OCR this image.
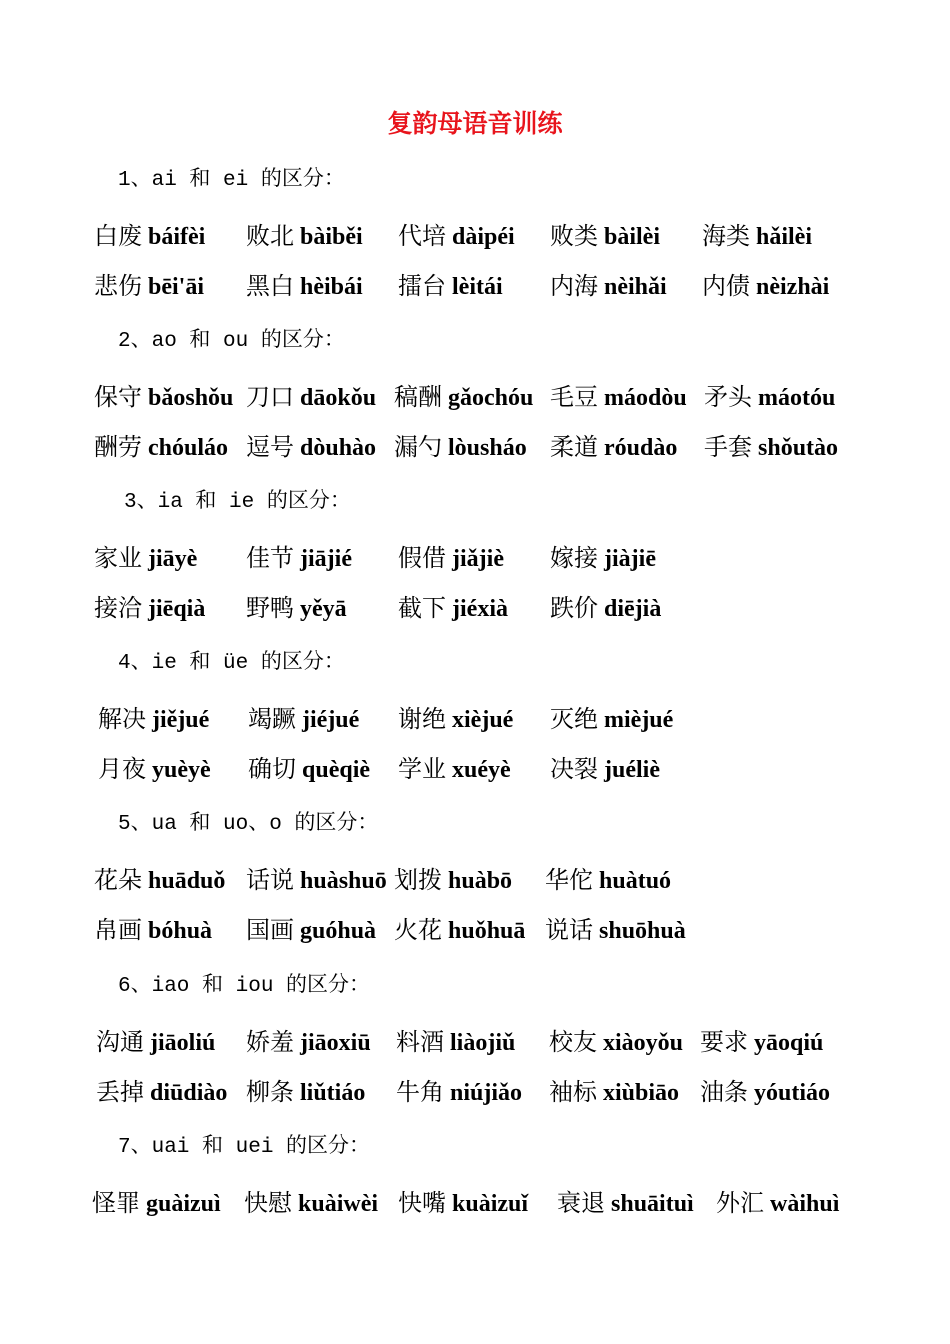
复韵母语音训练
1、ai 和 ei 的区分：
白废 báifèi 败北 bàiběi 代培 dàipéi 败类 bàilèi 海类 hǎilèi
悲伤 bēi'āi 黑白 hèibái 擂台 lèitái 内海 nèihǎi 内债 nèizhài
2、ao 和 ou 的区分：
保守 bǎoshǒu 刀口 dāokǒu 稿酬 gǎochóu 毛豆 máodòu 矛头 máotóu
酬劳 chóuláo 逗号 dòuhào 漏勺 lòusháo 柔道 róudào 手套 shǒutào
3、ia 和 ie 的区分：
家业 jiāyè 佳节 jiājié 假借 jiǎjiè 嫁接 jiàjiē
接洽 jiēqià 野鸭 yěyā 截下 jiéxià 跌价 diējià
4、ie 和 üe 的区分：
解决 jiějué 竭蹶 jiéjué 谢绝 xièjué 灭绝 mièjué
月夜 yuèyè 确切 quèqiè 学业 xuéyè 决裂 juéliè
5、ua 和 uo、o 的区分：
花朵 huāduǒ 话说 huàshuō 划拨 huàbō 华佗 huàtuó
帛画 bóhuà 国画 guóhuà 火花 huǒhuā 说话 shuōhuà
6、iao 和 iou 的区分：
沟通 jiāoliú 娇羞 jiāoxiū 料酒 liàojiǔ 校友 xiàoyǒu 要求 yāoqiú
丢掉 diūdiào 柳条 liǔtiáo 牛角 niújiǎo 袖标 xiùbiāo 油条 yóutiáo
7、uai 和 uei 的区分：
怪罪 guàizuì 快慰 kuàiwèi 快嘴 kuàizuǐ 衰退 shuāituì 外汇 wàihuì
